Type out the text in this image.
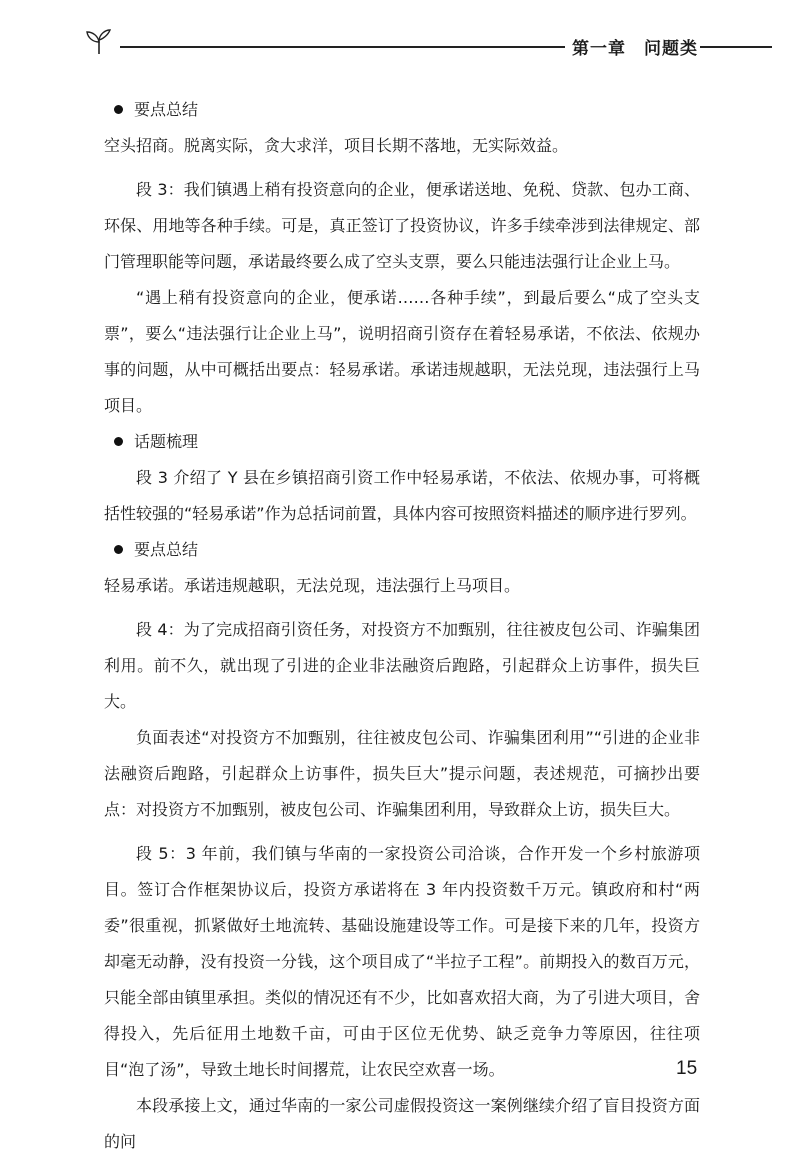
第一章　问题类
要点总结

空头招商。脱离实际，贪大求洋，项目长期不落地，无实际效益。

段 3：我们镇遇上稍有投资意向的企业，便承诺送地、免税、贷款、包办工商、环保、用地等各种手续。可是，真正签订了投资协议，许多手续牵涉到法律规定、部门管理职能等问题，承诺最终要么成了空头支票，要么只能违法强行让企业上马。

“遇上稍有投资意向的企业，便承诺……各种手续”，到最后要么“成了空头支票”，要么“违法强行让企业上马”，说明招商引资存在着轻易承诺，不依法、依规办事的问题，从中可概括出要点：轻易承诺。承诺违规越职，无法兑现，违法强行上马项目。

话题梳理

段 3 介绍了 Y 县在乡镇招商引资工作中轻易承诺，不依法、依规办事，可将概括性较强的“轻易承诺”作为总括词前置，具体内容可按照资料描述的顺序进行罗列。

要点总结

轻易承诺。承诺违规越职，无法兑现，违法强行上马项目。

段 4：为了完成招商引资任务，对投资方不加甄别，往往被皮包公司、诈骗集团利用。前不久，就出现了引进的企业非法融资后跑路，引起群众上访事件，损失巨大。

负面表述“对投资方不加甄别，往往被皮包公司、诈骗集团利用”“引进的企业非法融资后跑路，引起群众上访事件，损失巨大”提示问题，表述规范，可摘抄出要点：对投资方不加甄别，被皮包公司、诈骗集团利用，导致群众上访，损失巨大。

段 5：3 年前，我们镇与华南的一家投资公司洽谈，合作开发一个乡村旅游项目。签订合作框架协议后，投资方承诺将在 3 年内投资数千万元。镇政府和村“两委”很重视，抓紧做好土地流转、基础设施建设等工作。可是接下来的几年，投资方却毫无动静，没有投资一分钱，这个项目成了“半拉子工程”。前期投入的数百万元，只能全部由镇里承担。类似的情况还有不少，比如喜欢招大商，为了引进大项目，舍得投入，先后征用土地数千亩，可由于区位无优势、缺乏竞争力等原因，往往项目“泡了汤”，导致土地长时间撂荒，让农民空欢喜一场。

本段承接上文，通过华南的一家公司虚假投资这一案例继续介绍了盲目投资方面的问

15
